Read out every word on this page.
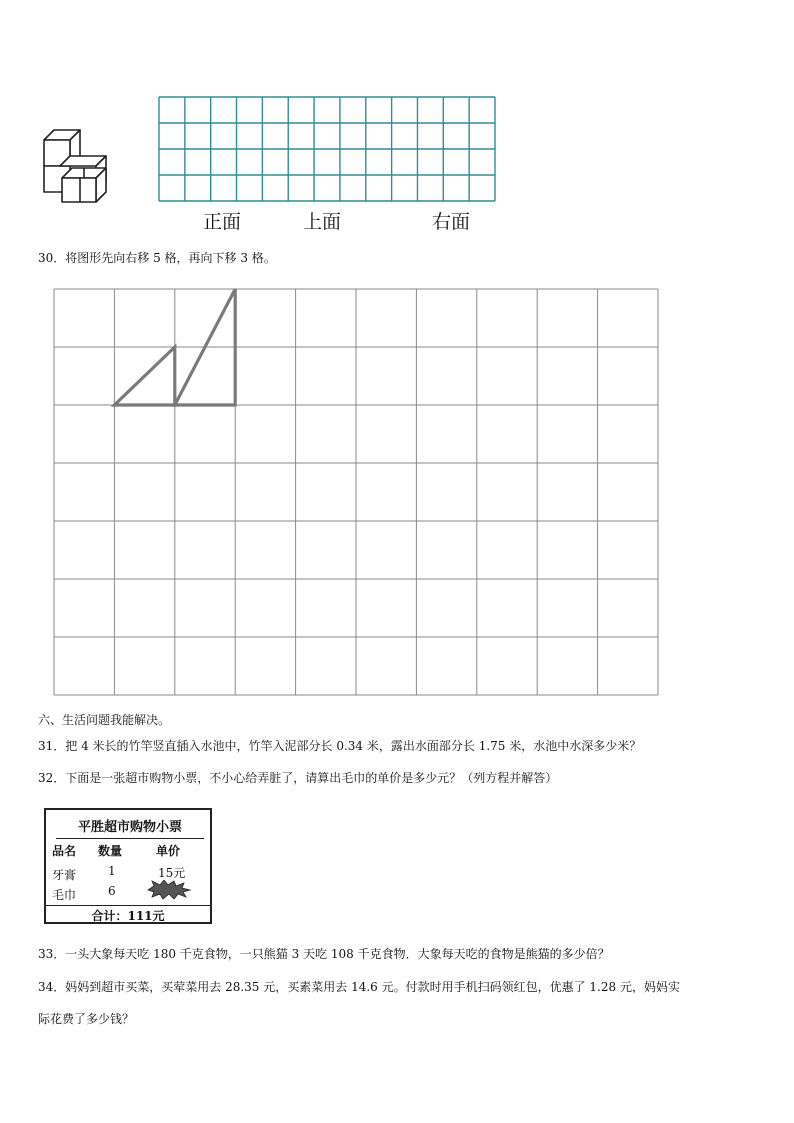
正面	上面	右面
30．将图形先向右移 5 格，再向下移 3 格。
六、生活问题我能解决。
31．把 4 米长的竹竿竖直插入水池中，竹竿入泥部分长 0.34 米，露出水面部分长 1.75 米，水池中水深多少米？
32．下面是一张超市购物小票，不小心给弄脏了，请算出毛巾的单价是多少元？（列方程并解答）
平胜超市购物小票
品名 数量	单价
牙膏	1	15元
毛巾	6
合计：111元
33．一头大象每天吃 180 千克食物，一只熊猫 3 天吃 108 千克食物．大象每天吃的食物是熊猫的多少倍？
34．妈妈到超市买菜，买荤菜用去 28.35 元，买素菜用去 14.6 元。付款时用手机扫码领红包，优惠了 1.28 元，妈妈实
际花费了多少钱？
